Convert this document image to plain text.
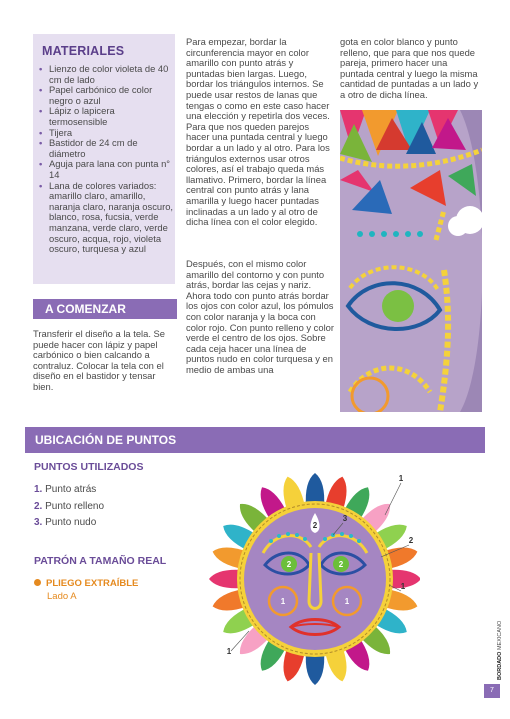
MATERIALES
• Lienzo de color violeta de 40 cm de lado
• Papel carbónico de color negro o azul
• Lápiz o lapicera termosensible
• Tijera
• Bastidor de 24 cm de diámetro
• Aguja para lana con punta n° 14
• Lana de colores variados: amarillo claro, amarillo, naranja claro, naranja oscuro, blanco, rosa, fucsia, verde manzana, verde claro, verde oscuro, acqua, rojo, violeta oscuro, turquesa y azul
A COMENZAR

Transferir el diseño a la tela. Se puede hacer con lápiz y papel carbónico o bien calcando a contraluz. Colocar la tela con el diseño en el bastidor y tensar bien.

Para empezar, bordar la circunferencia mayor en color amarillo con punto atrás y puntadas bien largas. Luego, bordar los triángulos internos. Se puede usar restos de lanas que tengas o como en este caso hacer una elección y repetirla dos veces. Para que nos queden parejos hacer una puntada central y luego bordar a un lado y al otro. Para los triángulos externos usar otros colores, así el trabajo queda más llamativo. Primero, bordar la línea central con punto atrás y lana amarilla y luego hacer puntadas inclinadas a un lado y al otro de dicha línea con el color elegido.

Después, con el mismo color amarillo del contorno y con punto atrás, bordar las cejas y nariz. Ahora todo con punto atrás bordar los ojos con color azul, los pómulos con color naranja y la boca con color rojo. Con punto relleno y color verde el centro de los ojos. Sobre cada ceja hacer una línea de puntos nudo en color turquesa y en medio de ambas una

gota en color blanco y punto relleno, que para que nos quede pareja, primero hacer una puntada central y luego la misma cantidad de puntadas a un lado y a otro de dicha línea.

UBICACIÓN DE PUNTOS
PUNTOS UTILIZADOS
1. Punto atrás
2. Punto relleno
3. Punto nudo
PATRÓN A TAMAÑO REAL
PLIEGO EXTRAÍBLE
Lado A
2
2	2
1	1
3
1
2
1
1
BORDADO MEXICANO
7
